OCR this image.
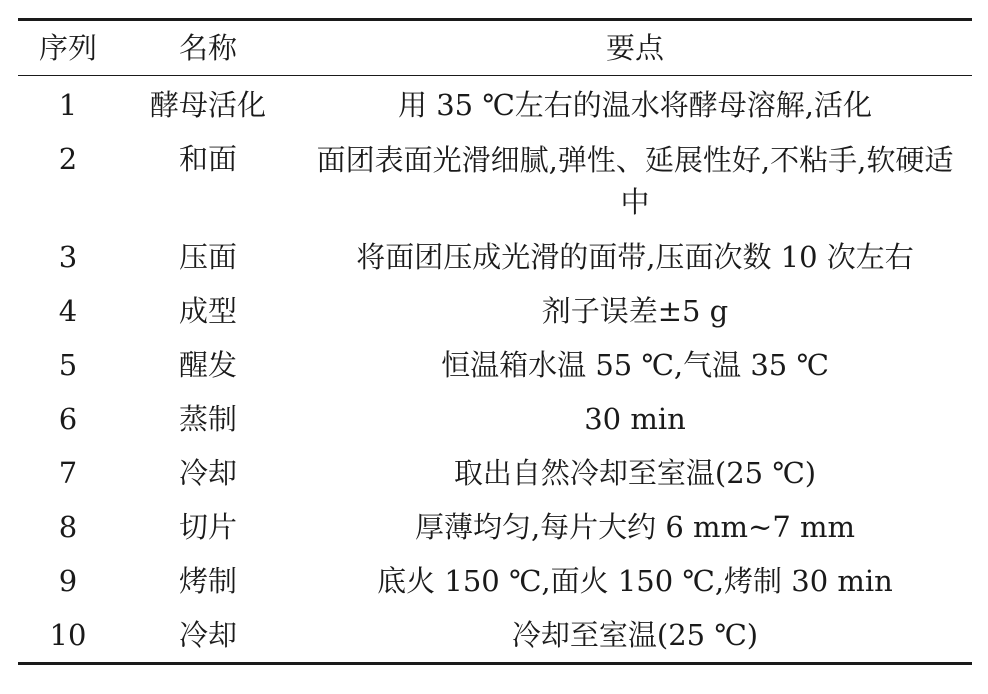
序列	名称	要点
1	酵母活化	用 35 ℃左右的温水将酵母溶解,活化
2	和面	面团表面光滑细腻,弹性、延展性好,不粘手,软硬适中
3	压面	将面团压成光滑的面带,压面次数 10 次左右
4	成型	剂子误差±5 g
5	醒发	恒温箱水温 55 ℃,气温 35 ℃
6	蒸制	30 min
7	冷却	取出自然冷却至室温(25 ℃)
8	切片	厚薄均匀,每片大约 6 mm~7 mm
9	烤制	底火 150 ℃,面火 150 ℃,烤制 30 min
10	冷却	冷却至室温(25 ℃)
